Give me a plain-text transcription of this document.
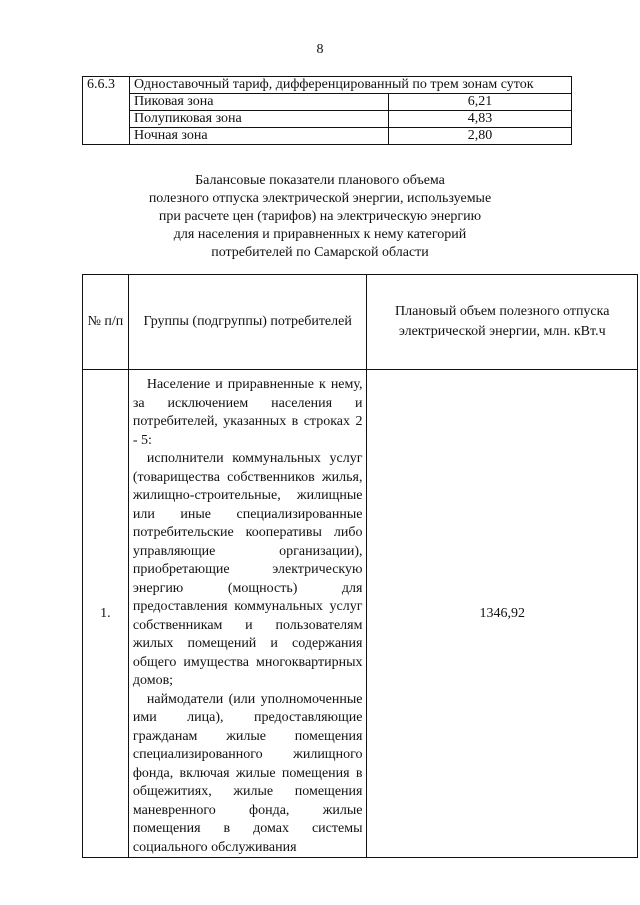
8
6.6.3	Одноставочный тариф, дифференцированный по трем зонам суток	
	Пиковая зона	6,21
	Полупиковая зона	4,83
	Ночная зона	2,80
Балансовые показатели планового объема
полезного отпуска электрической энергии, используемые
при расчете цен (тарифов) на электрическую энергию
для населения и приравненных к нему категорий
потребителей по Самарской области
№ п/п	Группы (подгруппы) потребителей	Плановый объем полезного отпуска электрической энергии, млн. кВт.ч
1.	Население и приравненные к нему, за исключением населения и потребителей, указанных в строках 2 - 5:

исполнители коммунальных услуг (товарищества собственников жилья, жилищно-строительные, жилищные или иные специализированные потребительские кооперативы либо управляющие организации), приобретающие электрическую энергию (мощность) для предоставления коммунальных услуг собственникам и пользователям жилых помещений и содержания общего имущества многоквартирных домов;

наймодатели (или уполномоченные ими лица), предоставляющие гражданам жилые помещения специализированного жилищного фонда, включая жилые помещения в общежитиях, жилые помещения маневренного фонда, жилые помещения в домах системы социального обслуживания	1346,92
